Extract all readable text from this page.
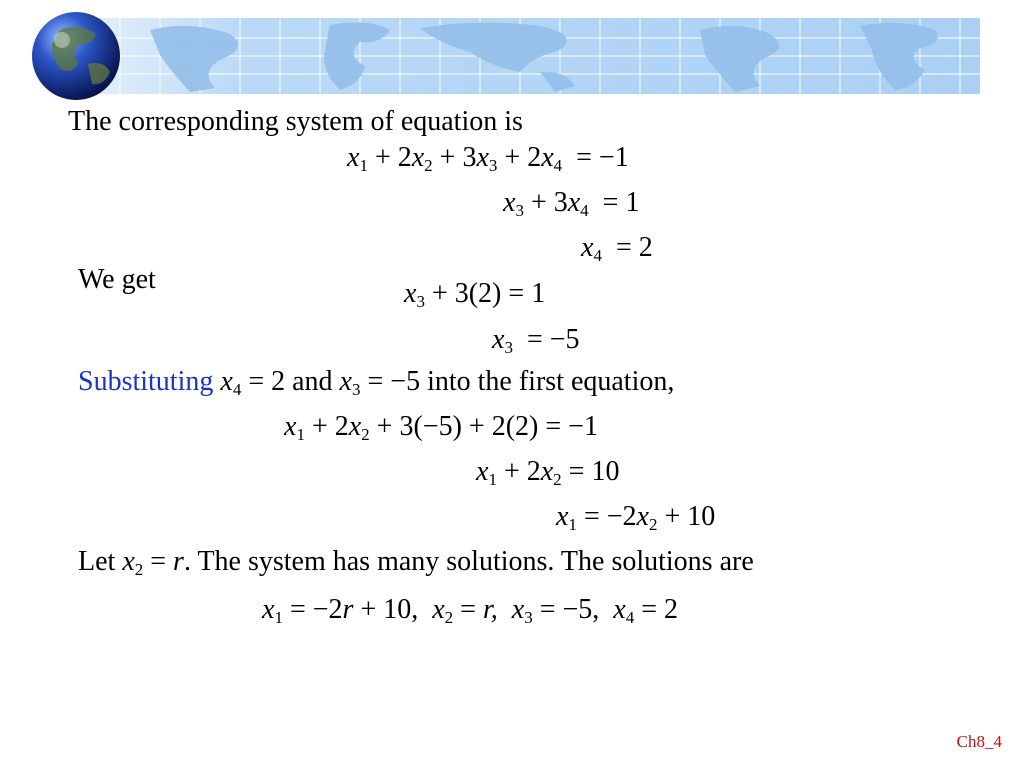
The corresponding system of equation is
$x_1 + 2x_2 + 3x_3 + 2x_4 = -1$
$x_3 + 3x_4 = 1$
$x_4 = 2$
We get	$x_3 + 3(2) = 1$
$x_3 = -5$
Substituting $x_4 = 2$ and $x_3 = -5$ into the first equation,
$x_1 + 2x_2 + 3(-5) + 2(2) = -1$
$x_1 + 2x_2 = 10$
$x_1 = -2x_2 + 10$
Let $x_2 = r$. The system has many solutions. The solutions are
$x_1 = -2r + 10$, $x_2 = r$, $x_3 = -5$, $x_4 = 2$
Ch8_4
